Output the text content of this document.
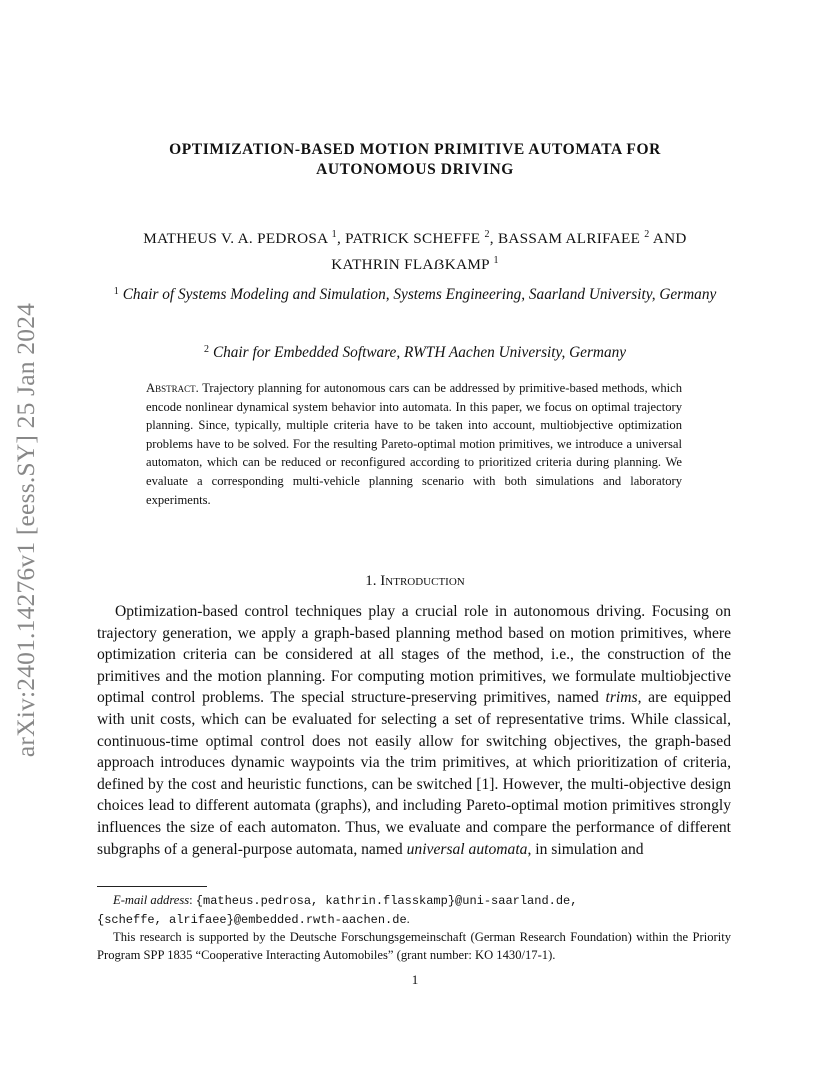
arXiv:2401.14276v1 [eess.SY] 25 Jan 2024
OPTIMIZATION-BASED MOTION PRIMITIVE AUTOMATA FOR
AUTONOMOUS DRIVING
MATHEUS V. A. PEDROSA $^1$, PATRICK SCHEFFE $^2$, BASSAM ALRIFAEE $^2$ AND
KATHRIN FLAẞKAMP $^1$
$^1$ Chair of Systems Modeling and Simulation, Systems Engineering, Saarland University, Germany
$^2$ Chair for Embedded Software, RWTH Aachen University, Germany
Abstract. Trajectory planning for autonomous cars can be addressed by primitive-based methods, which encode nonlinear dynamical system behavior into automata. In this paper, we focus on optimal trajectory planning. Since, typically, multiple criteria have to be taken into account, multiobjective optimization problems have to be solved. For the resulting Pareto-optimal motion primitives, we introduce a universal automaton, which can be reduced or reconfigured according to prioritized criteria during planning. We evaluate a corresponding multi-vehicle planning scenario with both simulations and laboratory experiments.
1. Introduction

Optimization-based control techniques play a crucial role in autonomous driving. Focusing on trajectory generation, we apply a graph-based planning method based on motion primitives, where optimization criteria can be considered at all stages of the method, i.e., the construction of the primitives and the motion planning. For computing motion primitives, we formulate multiobjective optimal control problems. The special structure-preserving primitives, named trims, are equipped with unit costs, which can be evaluated for selecting a set of representative trims. While classical, continuous-time optimal control does not easily allow for switching objectives, the graph-based approach introduces dynamic waypoints via the trim primitives, at which prioritization of criteria, defined by the cost and heuristic functions, can be switched [1]. However, the multi-objective design choices lead to different automata (graphs), and including Pareto-optimal motion primitives strongly influences the size of each automaton. Thus, we evaluate and compare the performance of different subgraphs of a general-purpose automata, named universal automata, in simulation and

E-mail address: {matheus.pedrosa, kathrin.flasskamp}@uni-saarland.de,
{scheffe, alrifaee}@embedded.rwth-aachen.de.
This research is supported by the Deutsche Forschungsgemeinschaft (German Research Foundation) within the Priority Program SPP 1835 “Cooperative Interacting Automobiles” (grant number: KO 1430/17-1).
1
